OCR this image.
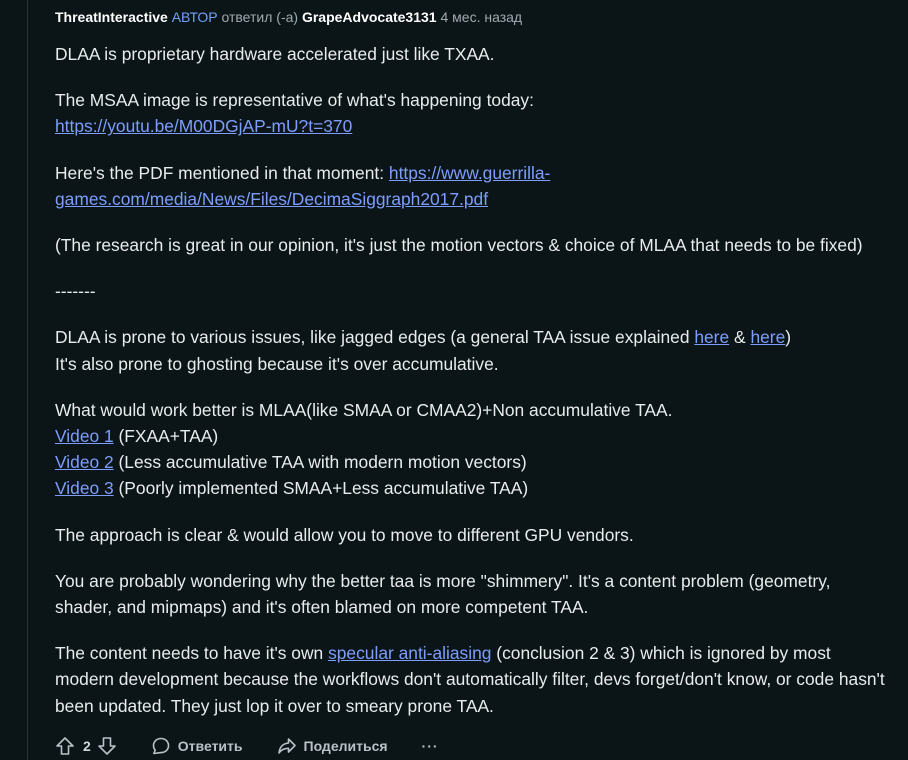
ThreatInteractive АВТОР ответил (-а) GrapeAdvocate3131 4 мес. назад

DLAA is proprietary hardware accelerated just like TXAA.

The MSAA image is representative of what's happening today:
https://youtu.be/M00DGjAP-mU?t=370

Here's the PDF mentioned in that moment: https://www.guerrilla-games.com/media/News/Files/DecimaSiggraph2017.pdf

(The research is great in our opinion, it's just the motion vectors & choice of MLAA that needs to be fixed)

-------

DLAA is prone to various issues, like jagged edges (a general TAA issue explained here & here)
It's also prone to ghosting because it's over accumulative.

What would work better is MLAA(like SMAA or CMAA2)+Non accumulative TAA.
Video 1 (FXAA+TAA)
Video 2 (Less accumulative TAA with modern motion vectors)
Video 3 (Poorly implemented SMAA+Less accumulative TAA)

The approach is clear & would allow you to move to different GPU vendors.

You are probably wondering why the better taa is more "shimmery". It's a content problem (geometry, shader, and mipmaps) and it's often blamed on more competent TAA.

The content needs to have it's own specular anti-aliasing (conclusion 2 & 3) which is ignored by most modern development because the workflows don't automatically filter, devs forget/don't know, or code hasn't been updated. They just lop it over to smeary prone TAA.

2	Ответить	Поделиться ···
